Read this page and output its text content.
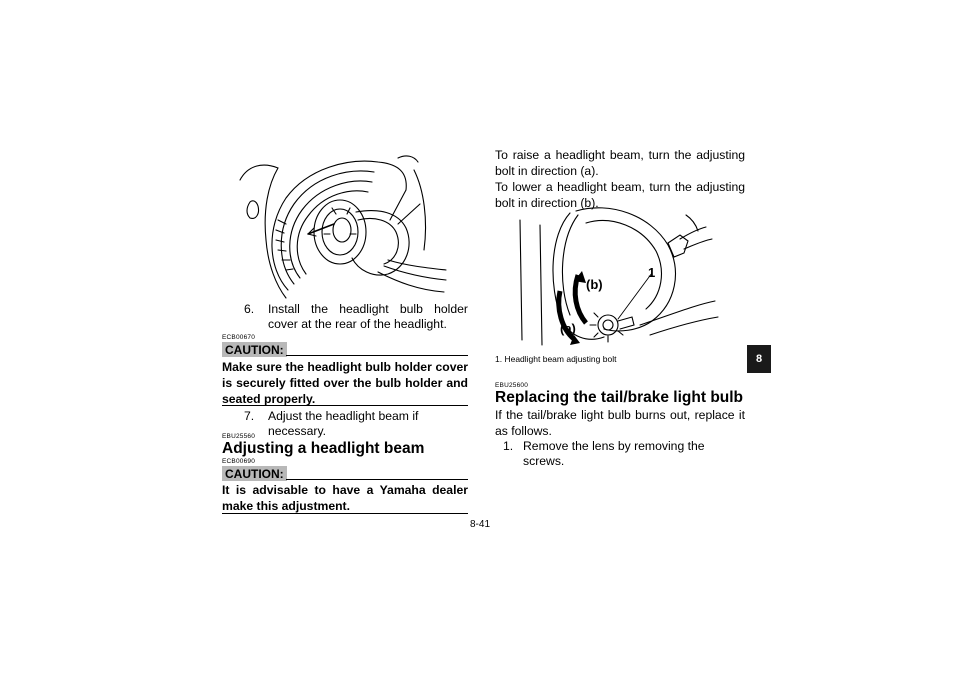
6. Install the headlight bulb holder cover at the rear of the headlight.
ECB00670
CAUTION:
Make sure the headlight bulb holder cover is securely fitted over the bulb holder and seated properly.
7. Adjust the headlight beam if necessary.
EBU25560
Adjusting a headlight beam
ECB00690
CAUTION:
It is advisable to have a Yamaha dealer make this adjustment.
To raise a headlight beam, turn the adjusting bolt in direction (a).
To lower a headlight beam, turn the adjusting bolt in direction (b).
(b)
(a)
1
1. Headlight beam adjusting bolt
EBU25600
Replacing the tail/brake light bulb
If the tail/brake light bulb burns out, replace it as follows.
1. Remove the lens by removing the screws.
8-41
8
